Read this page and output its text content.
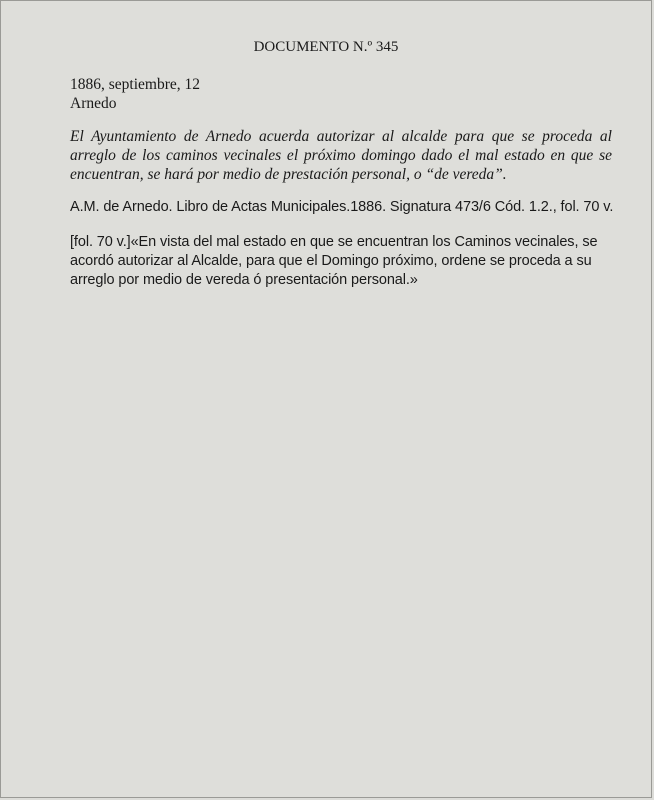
DOCUMENTO N.º 345
1886, septiembre, 12
Arnedo
El Ayuntamiento de Arnedo acuerda autorizar al alcalde para que se proceda al
arreglo de los caminos vecinales el próximo domingo dado el mal estado en que se
encuentran, se hará por medio de prestación personal, o “de vereda”.
A.M. de Arnedo. Libro de Actas Municipales.1886. Signatura 473/6 Cód. 1.2., fol. 70 v.
[fol. 70 v.]«En vista del mal estado en que se encuentran los Caminos vecinales, se
acordó autorizar al Alcalde, para que el Domingo próximo, ordene se proceda a su
arreglo por medio de vereda ó presentación personal.»
